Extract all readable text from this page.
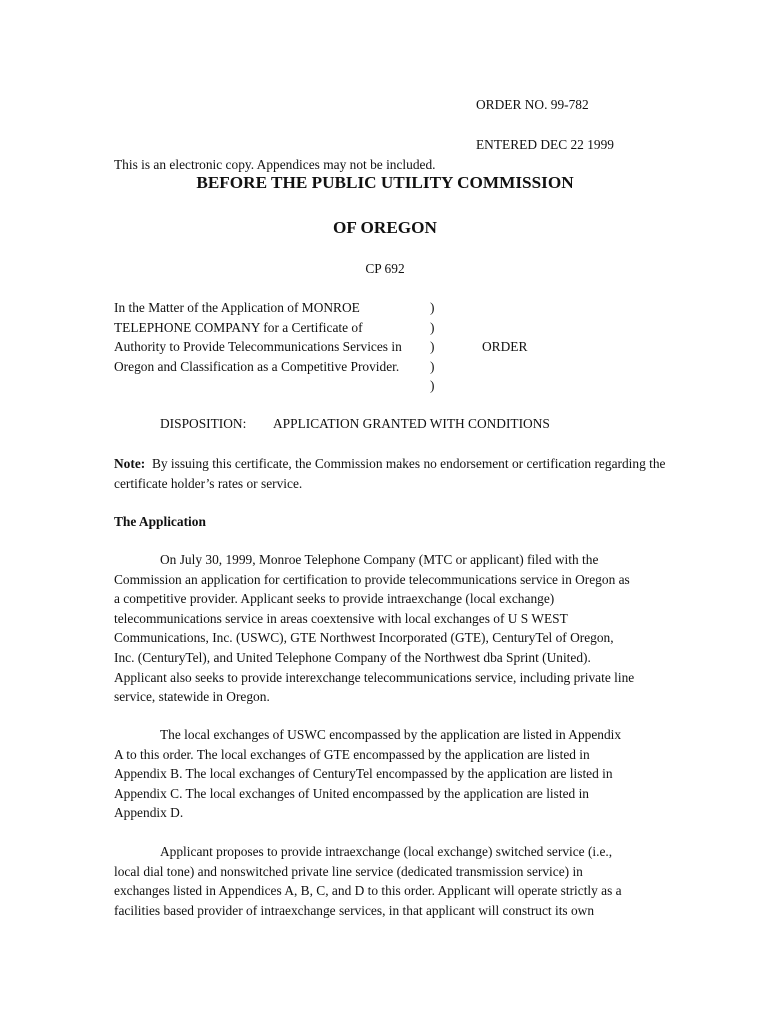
ORDER NO. 99-782
ENTERED DEC 22 1999
This is an electronic copy. Appendices may not be included.
BEFORE THE PUBLIC UTILITY COMMISSION
OF OREGON
CP 692
In the Matter of the Application of MONROE
TELEPHONE COMPANY for a Certificate of
Authority to Provide Telecommunications Services in
Oregon and Classification as a Competitive Provider.
)
)
)
)
)
ORDER
DISPOSITION: APPLICATION GRANTED WITH CONDITIONS
Note: By issuing this certificate, the Commission makes no endorsement or certification regarding the certificate holder’s rates or service.
The Application
On July 30, 1999, Monroe Telephone Company (MTC or applicant) filed with the
Commission an application for certification to provide telecommunications service in Oregon as
a competitive provider. Applicant seeks to provide intraexchange (local exchange)
telecommunications service in areas coextensive with local exchanges of U S WEST
Communications, Inc. (USWC), GTE Northwest Incorporated (GTE), CenturyTel of Oregon,
Inc. (CenturyTel), and United Telephone Company of the Northwest dba Sprint (United).
Applicant also seeks to provide interexchange telecommunications service, including private line
service, statewide in Oregon.
The local exchanges of USWC encompassed by the application are listed in Appendix
A to this order. The local exchanges of GTE encompassed by the application are listed in
Appendix B. The local exchanges of CenturyTel encompassed by the application are listed in
Appendix C. The local exchanges of United encompassed by the application are listed in
Appendix D.
Applicant proposes to provide intraexchange (local exchange) switched service (i.e.,
local dial tone) and nonswitched private line service (dedicated transmission service) in
exchanges listed in Appendices A, B, C, and D to this order. Applicant will operate strictly as a
facilities based provider of intraexchange services, in that applicant will construct its own
